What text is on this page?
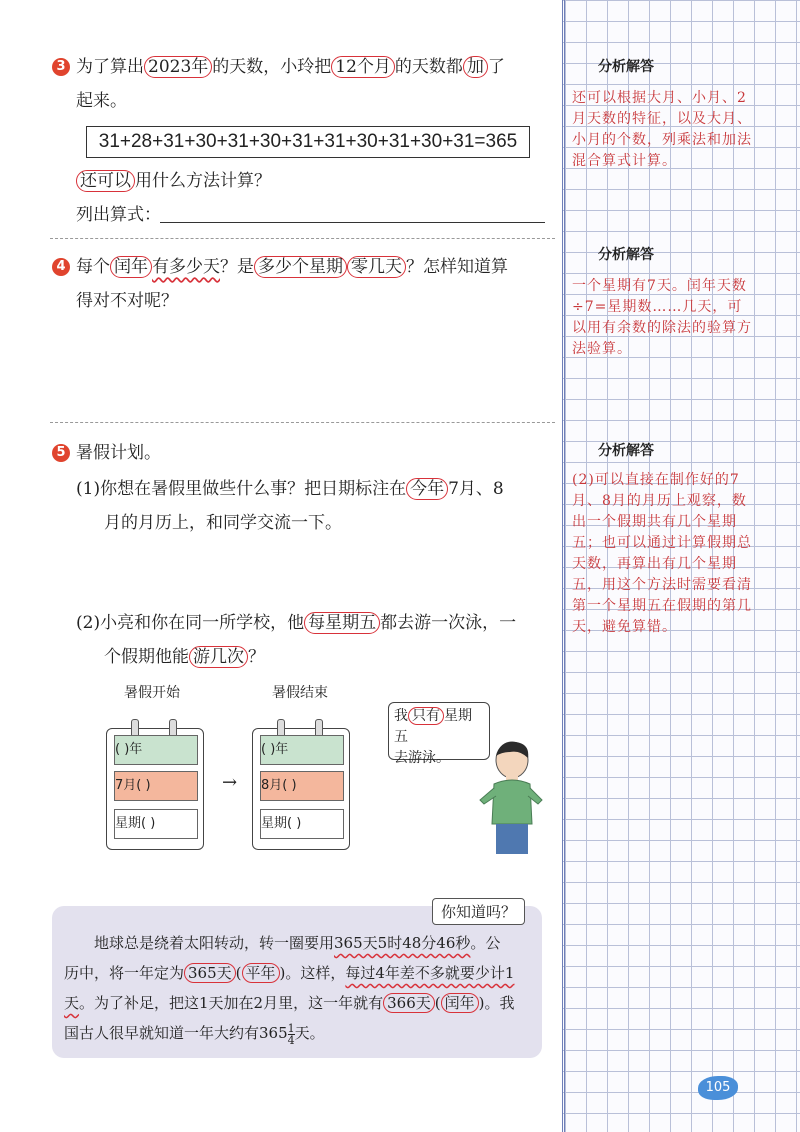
3 为了算出 2023年 的天数，小玲把 12个月 的天数都 加 了
起来。
31+28+31+30+31+30+31+31+30+31+30+31=365
还可以 用什么方法计算？
列出算式：
4 每个 闰年 有多少天？是 多少个星期 零几天 ？怎样知道算
得对不对呢？
5 暑假计划。
(1)你想在暑假里做些什么事？把日期标注在 今年 7月、8
月的月历上，和同学交流一下。
(2)小亮和你在同一所学校，他 每星期五 都去游一次泳，一
个假期他能 游几次 ？
暑假开始	暑假结束
( )年
7月( )
星期( )
→
( )年
8月( )
星期( )
我 只有 星期五
去游泳。
你知道吗？
地球总是绕着太阳转动，转一圈要用365天5时48分46秒。公
历中，将一年定为 365天 ( 平年 )。这样，每过4年差不多就要少计1
天。为了补足，把这1天加在2月里，这一年就有 366天 ( 闰年 )。我
国古人很早就知道一年大约有$365 \frac{1}{4}$ 天。
分析解答
还可以根据大月、小月、2月天数的特征，以及大月、小月的个数，列乘法和加法混合算式计算。
分析解答
一个星期有7天。闰年天数÷7=星期数……几天，可以用有余数的除法的验算方法验算。
分析解答
(2)可以直接在制作好的7月、8月的月历上观察，数出一个假期共有几个星期五；也可以通过计算假期总天数，再算出有几个星期五，用这个方法时需要看清第一个星期五在假期的第几天，避免算错。
105
